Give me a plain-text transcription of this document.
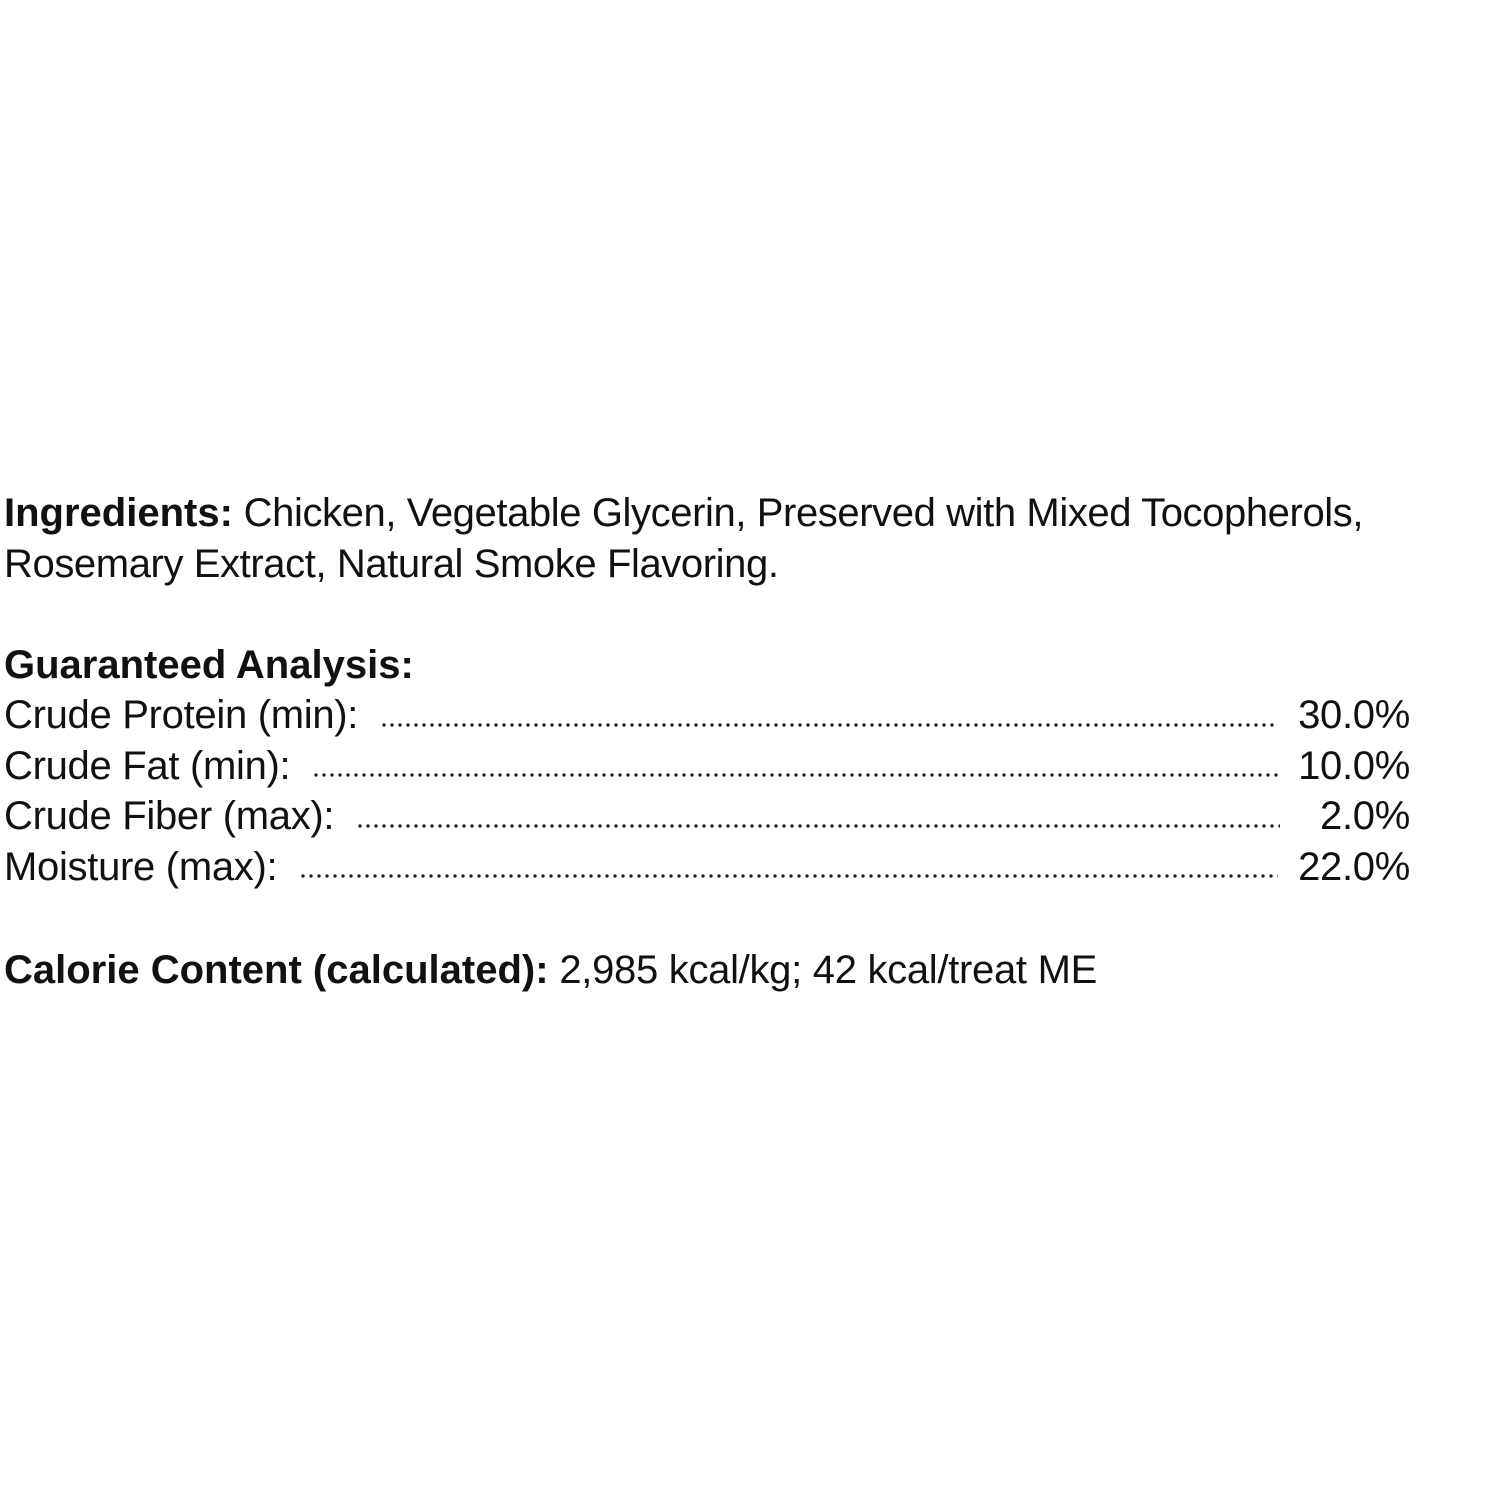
Ingredients: Chicken, Vegetable Glycerin, Preserved with Mixed Tocopherols, Rosemary Extract, Natural Smoke Flavoring.

Guaranteed Analysis:

Crude Protein (min):	30.0%
Crude Fat (min):	10.0%
Crude Fiber (max):	2.0%
Moisture (max):	22.0%

Calorie Content (calculated): 2,985 kcal/kg; 42 kcal/treat ME
